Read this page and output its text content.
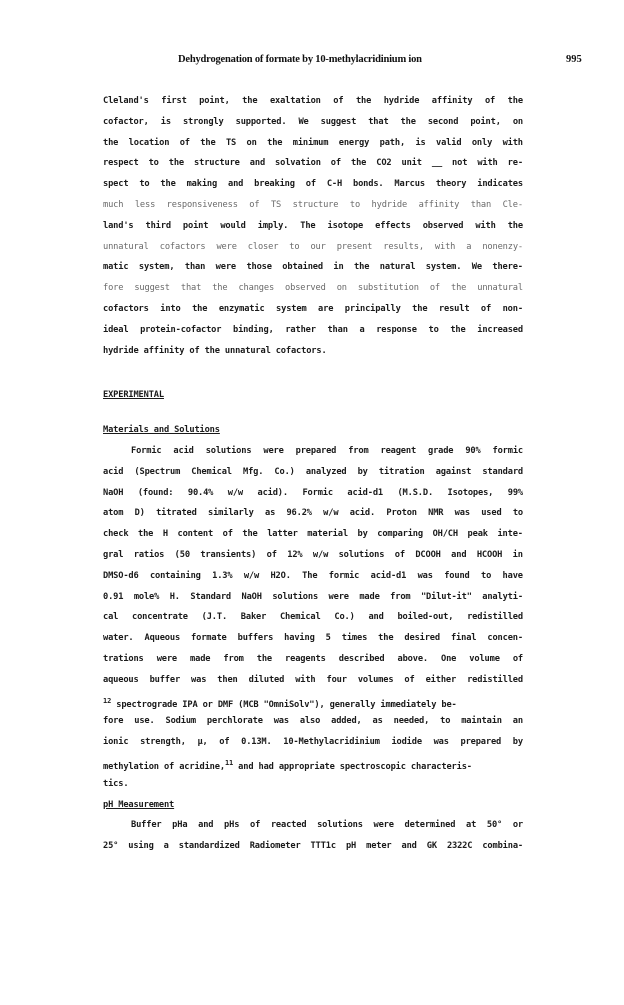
Dehydrogenation of formate by 10-methylacridinium ion	995
Cleland's first point, the exaltation of the hydride affinity of the
cofactor, is strongly supported. We suggest that the second point, on
the location of the TS on the minimum energy path, is valid only with
respect to the structure and solvation of the CO2 unit __ not with re-
spect to the making and breaking of C-H bonds. Marcus theory indicates
much less responsiveness of TS structure to hydride affinity than Cle-
land's third point would imply. The isotope effects observed with the
unnatural cofactors were closer to our present results, with a nonenzy-
matic system, than were those obtained in the natural system. We there-
fore suggest that the changes observed on substitution of the unnatural
cofactors into the enzymatic system are principally the result of non-
ideal protein-cofactor binding, rather than a response to the increased
hydride affinity of the unnatural cofactors.
EXPERIMENTAL
Materials and Solutions
Formic acid solutions were prepared from reagent grade 90% formic
acid (Spectrum Chemical Mfg. Co.) analyzed by titration against standard
NaOH (found: 90.4% w/w acid). Formic acid-d1 (M.S.D. Isotopes, 99%
atom D) titrated similarly as 96.2% w/w acid. Proton NMR was used to
check the H content of the latter material by comparing OH/CH peak inte-
gral ratios (50 transients) of 12% w/w solutions of DCOOH and HCOOH in
DMSO-d6 containing 1.3% w/w H2O. The formic acid-d1 was found to have
0.91 mole% H. Standard NaOH solutions were made from "Dilut-it" analyti-
cal concentrate (J.T. Baker Chemical Co.) and boiled-out, redistilled
water. Aqueous formate buffers having 5 times the desired final concen-
trations were made from the reagents described above. One volume of
aqueous buffer was then diluted with four volumes of either redistilled
$^{12}$ spectrograde IPA or DMF (MCB "OmniSolv"), generally immediately be-
fore use. Sodium perchlorate was also added, as needed, to maintain an
ionic strength, μ, of 0.13M. 10-Methylacridinium iodide was prepared by
methylation of acridine,$^{11}$ and had appropriate spectroscopic characteris-
tics.
pH Measurement
Buffer pHa and pHs of reacted solutions were determined at 50° or
25° using a standardized Radiometer TTT1c pH meter and GK 2322C combina-
